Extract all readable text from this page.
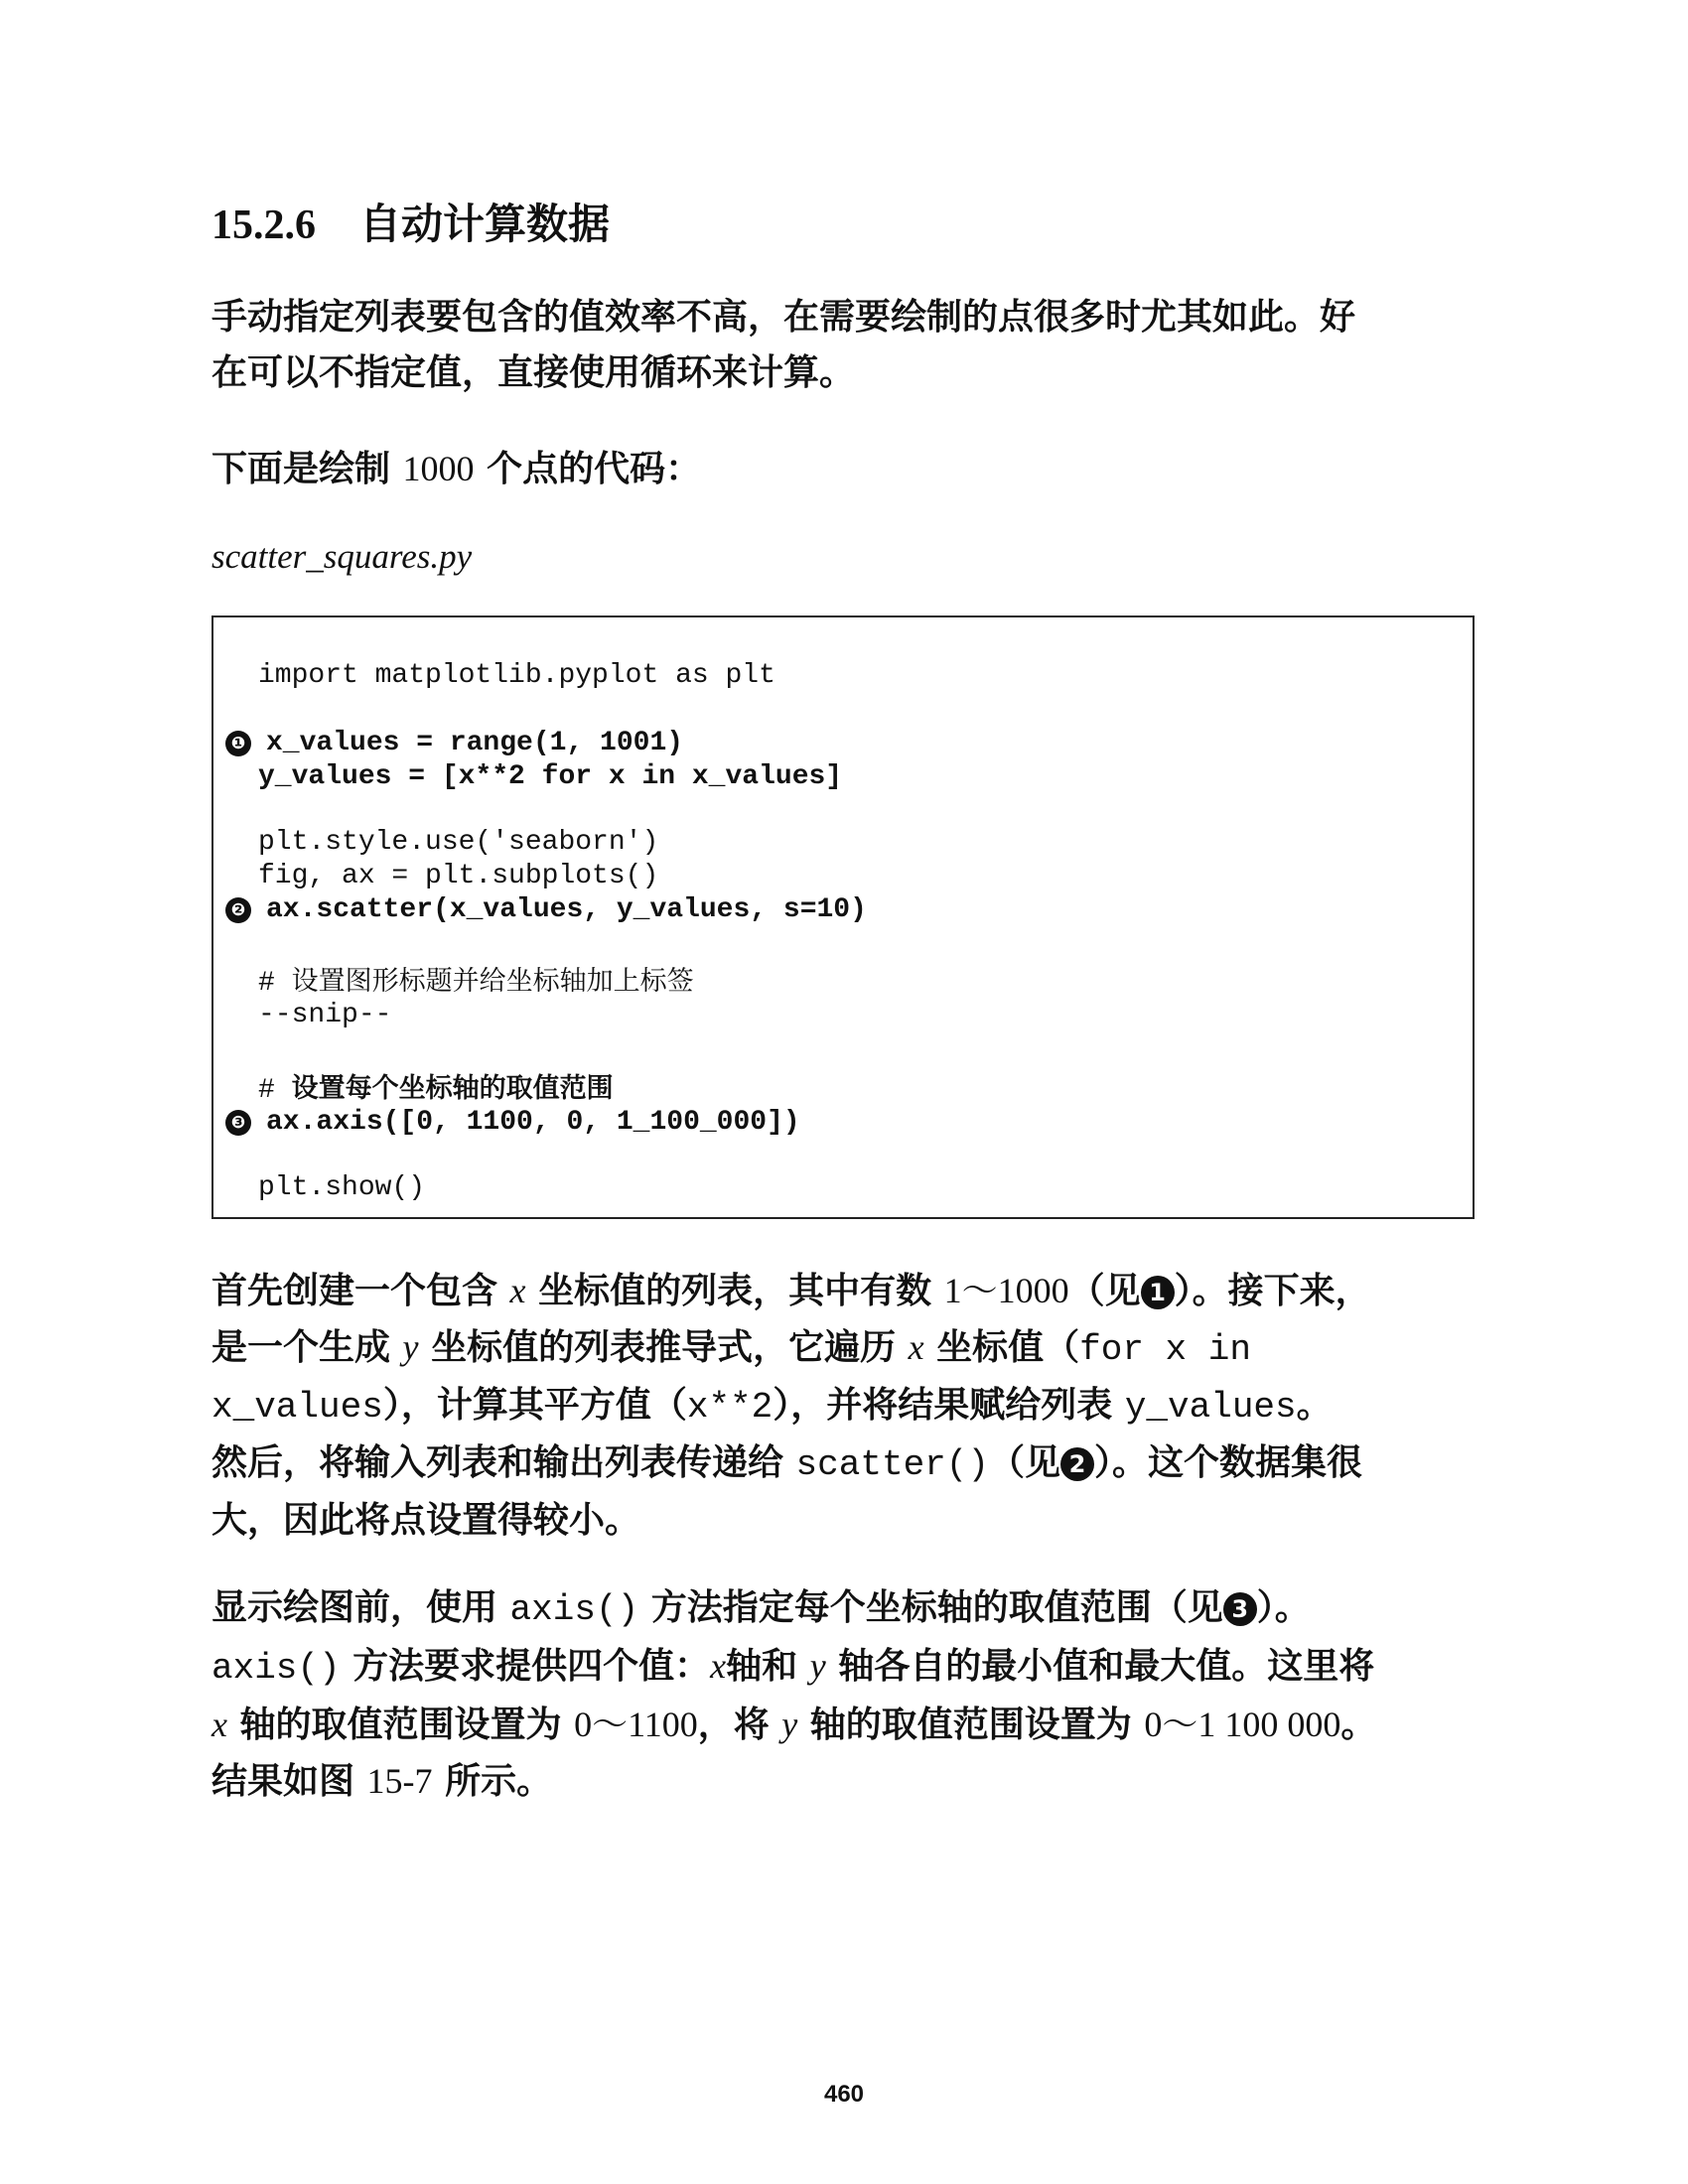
15.2.6 自动计算数据
手动指定列表要包含的值效率不高，在需要绘制的点很多时尤其如此。好
在可以不指定值，直接使用循环来计算。
下面是绘制 1000 个点的代码：
scatter_squares.py
import matplotlib.pyplot as plt
❶ x_values = range(1, 1001)
y_values = [x**2 for x in x_values]
plt.style.use('seaborn')
fig, ax = plt.subplots()
❷ ax.scatter(x_values, y_values, s=10)
# 设置图形标题并给坐标轴加上标签
--snip--
# 设置每个坐标轴的取值范围
❸ ax.axis([0, 1100, 0, 1_100_000])
plt.show()
首先创建一个包含 x 坐标值的列表，其中有数 1～1000（见 1 ）。接下来，
是一个生成 y 坐标值的列表推导式，它遍历 x 坐标值（for x in
x_values），计算其平方值（x**2），并将结果赋给列表 y_values。
然后，将输入列表和输出列表传递给 scatter()（见 2 ）。这个数据集很
大，因此将点设置得较小。
显示绘图前，使用 axis() 方法指定每个坐标轴的取值范围（见 3 ）。
axis() 方法要求提供四个值：x轴和 y 轴各自的最小值和最大值。这里将
x 轴的取值范围设置为 0～1100，将 y 轴的取值范围设置为 0～1 100 000。
结果如图 15-7 所示。
460
